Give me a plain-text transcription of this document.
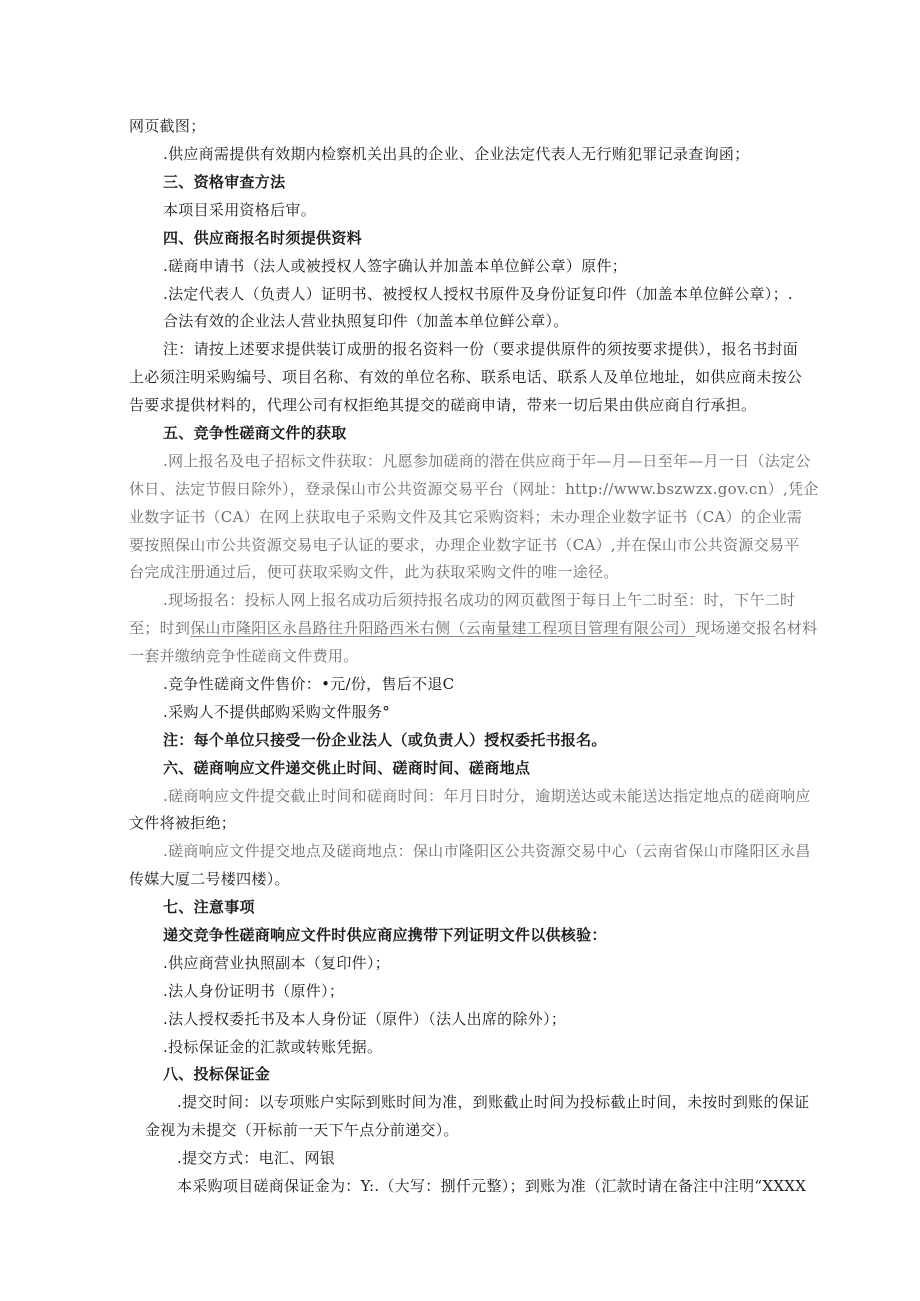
网页截图；
.供应商需提供有效期内检察机关出具的企业、企业法定代表人无行贿犯罪记录查询函；
三、资格审查方法
本项目采用资格后审。
四、供应商报名时须提供资料
.磋商申请书（法人或被授权人签字确认并加盖本单位鲜公章）原件；
.法定代表人（负责人）证明书、被授权人授权书原件及身份证复印件（加盖本单位鲜公章）；.
合法有效的企业法人营业执照复印件（加盖本单位鲜公章）。
注：请按上述要求提供装订成册的报名资料一份（要求提供原件的须按要求提供），报名书封面
上必须注明采购编号、项目名称、有效的单位名称、联系电话、联系人及单位地址，如供应商未按公
告要求提供材料的，代理公司有权拒绝其提交的磋商申请，带来一切后果由供应商自行承担。
五、竞争性磋商文件的获取
.网上报名及电子招标文件获取：凡愿参加磋商的潜在供应商于年—月—日至年—月一日（法定公
休日、法定节假日除外），登录保山市公共资源交易平台（网址：http://www.bszwzx.gov.cn）,凭企
业数字证书（CA）在网上获取电子采购文件及其它采购资料；未办理企业数字证书（CA）的企业需
要按照保山市公共资源交易电子认证的要求，办理企业数字证书（CA）,并在保山市公共资源交易平
台完成注册通过后，便可获取采购文件，此为获取采购文件的唯一途径。
.现场报名：投标人网上报名成功后须持报名成功的网页截图于每日上午二时至：时，下午二时
至；时到保山市隆阳区永昌路往升阳路西米右侧（云南量建工程项目管理有限公司）现场递交报名材料
一套并缴纳竞争性磋商文件费用。
.竞争性磋商文件售价：•元/份，售后不退C
.采购人不提供邮购采购文件服务°
注：每个单位只接受一份企业法人（或负责人）授权委托书报名。
六、磋商响应文件递交佻止时间、磋商时间、磋商地点
.磋商响应文件提交截止时间和磋商时间：年月日时分，逾期送达或未能送达指定地点的磋商响应
文件将被拒绝；
.磋商响应文件提交地点及磋商地点：保山市隆阳区公共资源交易中心（云南省保山市隆阳区永昌
传媒大厦二号楼四楼）。
七、注意事项
递交竞争性磋商响应文件时供应商应携带下列证明文件以供核验：
.供应商营业执照副本（复印件）；
.法人身份证明书（原件）；
.法人授权委托书及本人身份证（原件）（法人出席的除外）；
.投标保证金的汇款或转账凭据。
八、投标保证金
.提交时间：以专项账户实际到账时间为准，到账截止时间为投标截止时间，未按时到账的保证
金视为未提交（开标前一天下午点分前递交）。
.提交方式：电汇、网银
本采购项目磋商保证金为：Y:.（大写：捌仟元整）；到账为准（汇款时请在备注中注明“XXXX
